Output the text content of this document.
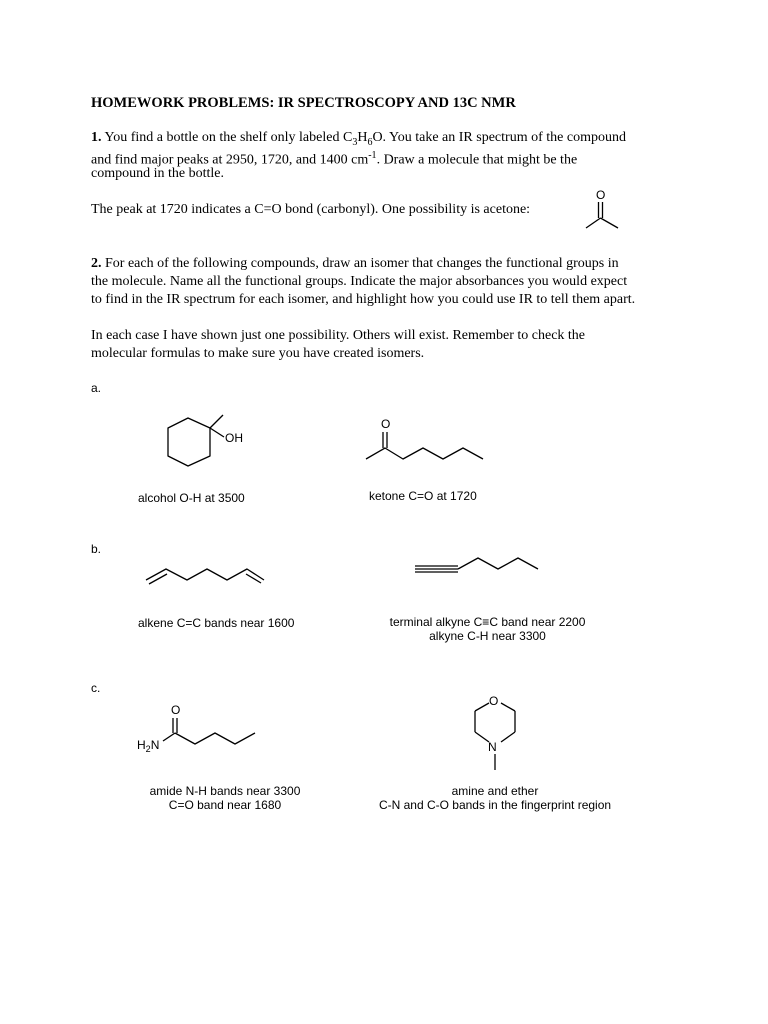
HOMEWORK PROBLEMS: IR SPECTROSCOPY AND 13C NMR
1. You find a bottle on the shelf only labeled $C_3H_6O$. You take an IR spectrum of the compound
and find major peaks at 2950, 1720, and 1400 $cm^{-1}$. Draw a molecule that might be the
compound in the bottle.
The peak at 1720 indicates a C=O bond (carbonyl). One possibility is acetone:
O
2. For each of the following compounds, draw an isomer that changes the functional groups in
the molecule. Name all the functional groups. Indicate the major absorbances you would expect
to find in the IR spectrum for each isomer, and highlight how you could use IR to tell them apart.
In each case I have shown just one possibility. Others will exist. Remember to check the
molecular formulas to make sure you have created isomers.
a.
OH
alcohol O-H at 3500
O
ketone C=O at 1720
b.
alkene C=C bands near 1600	terminal alkyne C≡C band near 2200
alkyne C-H near 3300
c.
O
$H_2N$
amide N-H bands near 3300
C=O band near 1680
O
N
amine and ether
C-N and C-O bands in the fingerprint region
